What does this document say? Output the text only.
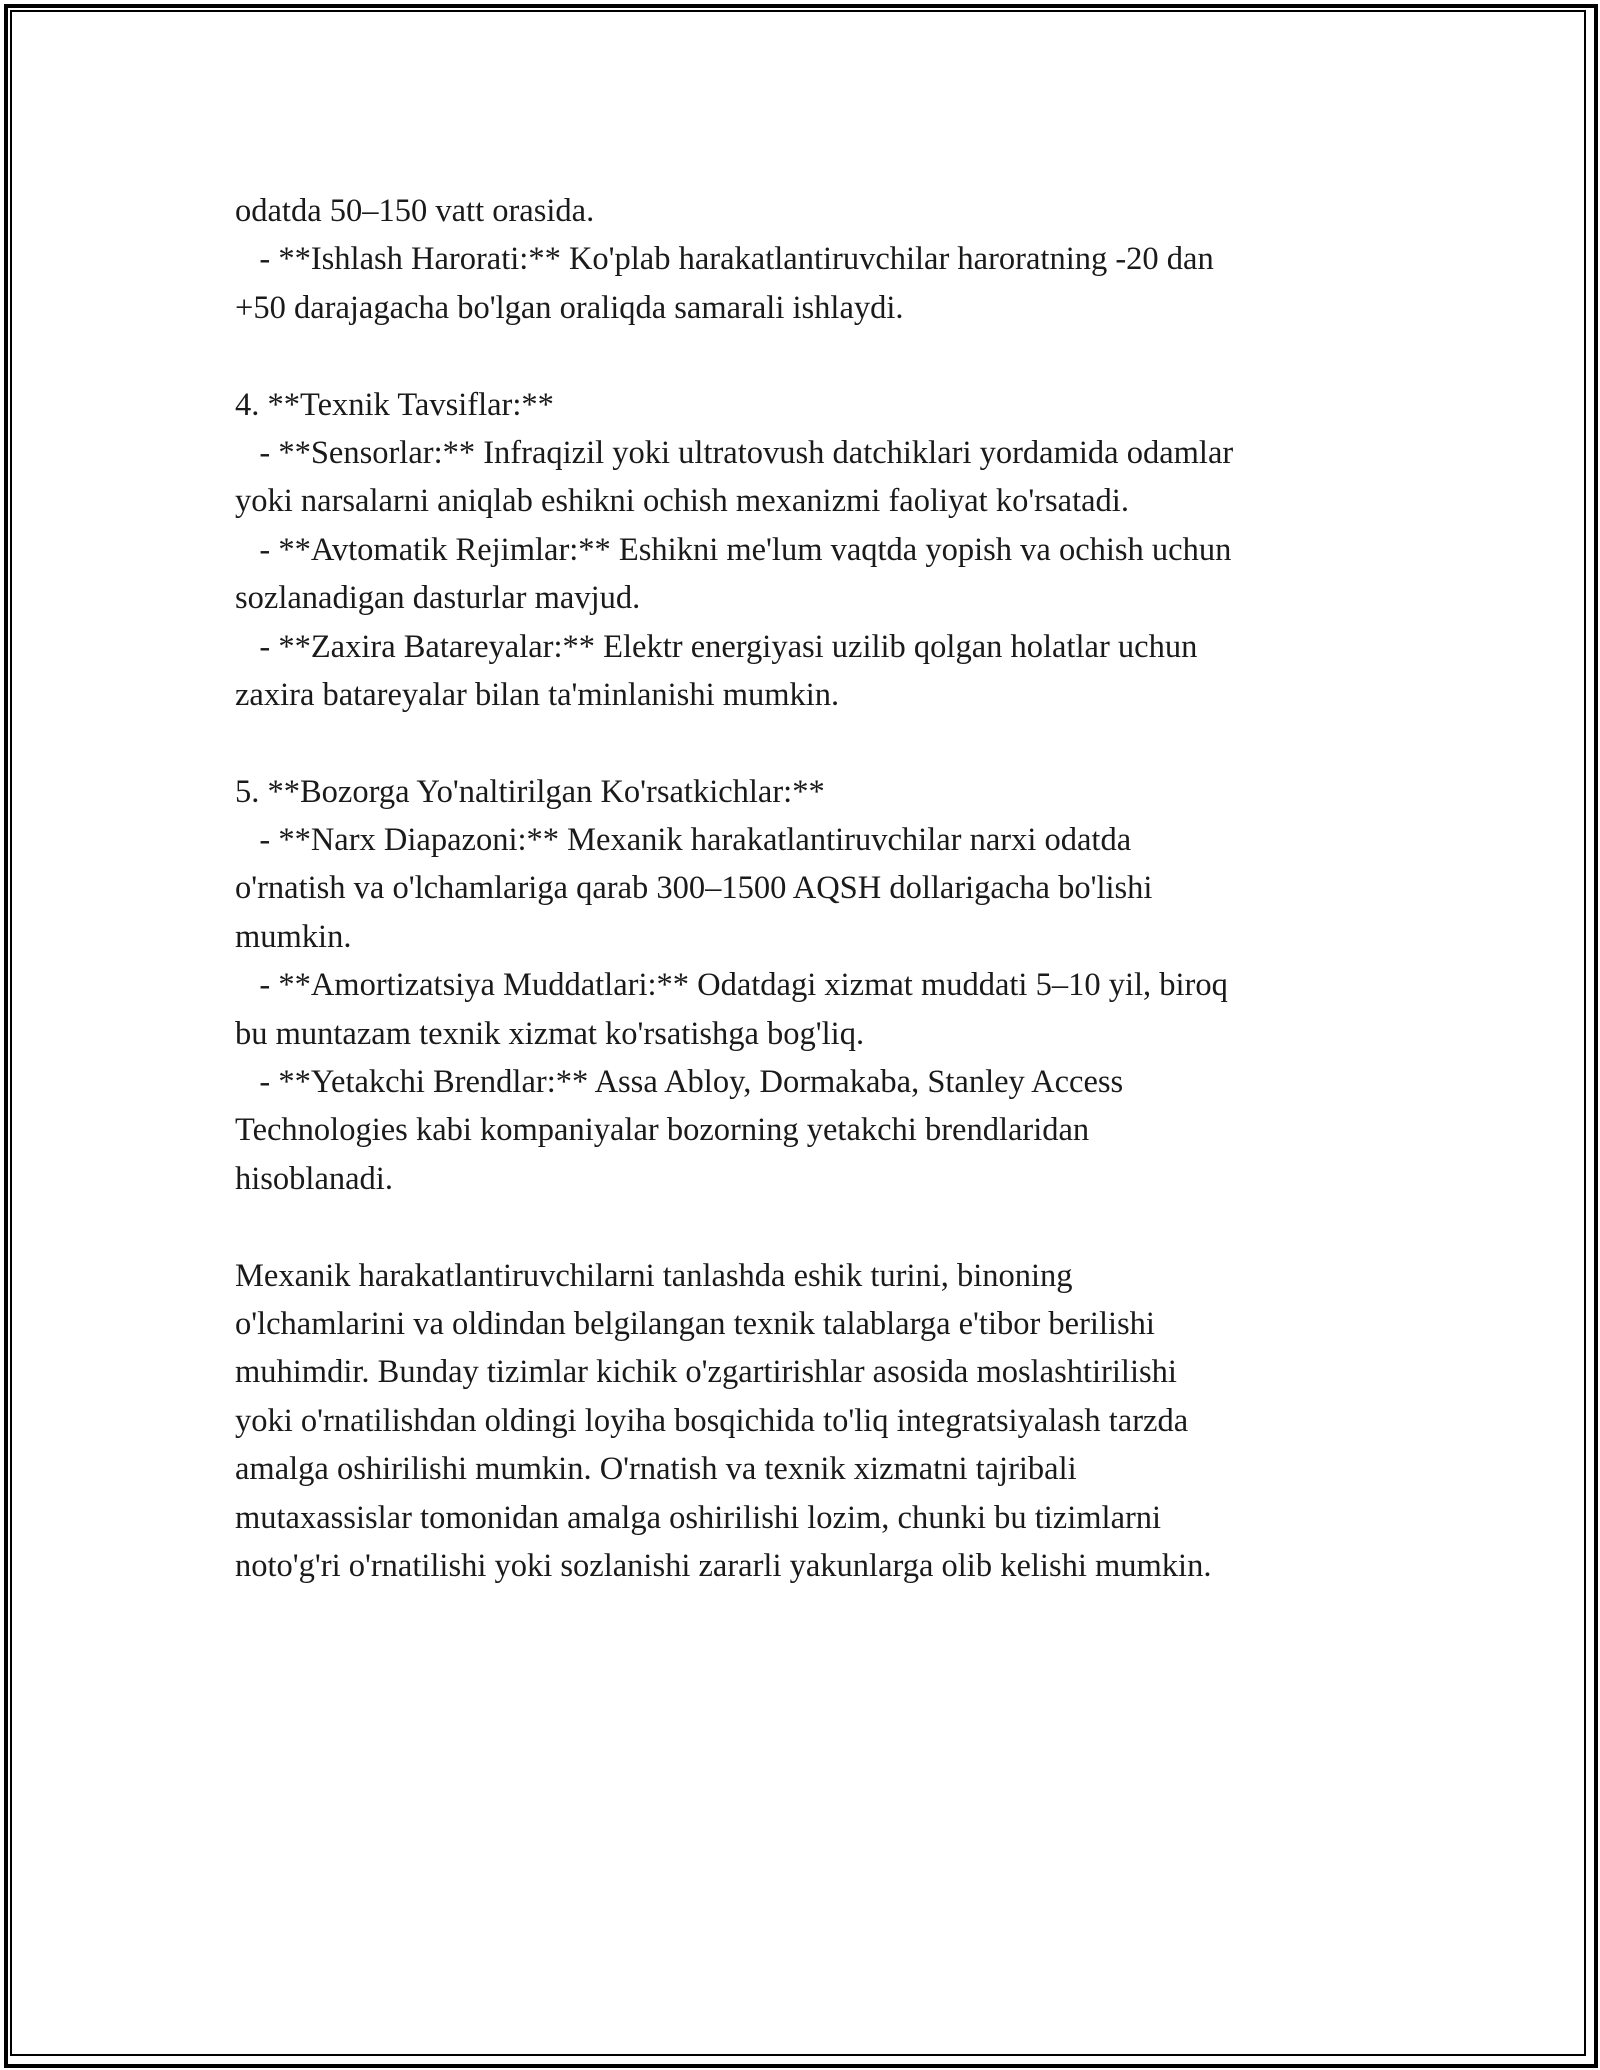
odatda 50–150 vatt orasida.
- **Ishlash Harorati:** Ko'plab harakatlantiruvchilar haroratning -20 dan
+50 darajagacha bo'lgan oraliqda samarali ishlaydi.
4. **Texnik Tavsiflar:**
- **Sensorlar:** Infraqizil yoki ultratovush datchiklari yordamida odamlar
yoki narsalarni aniqlab eshikni ochish mexanizmi faoliyat ko'rsatadi.
- **Avtomatik Rejimlar:** Eshikni me'lum vaqtda yopish va ochish uchun
sozlanadigan dasturlar mavjud.
- **Zaxira Batareyalar:** Elektr energiyasi uzilib qolgan holatlar uchun
zaxira batareyalar bilan ta'minlanishi mumkin.
5. **Bozorga Yo'naltirilgan Ko'rsatkichlar:**
- **Narx Diapazoni:** Mexanik harakatlantiruvchilar narxi odatda
o'rnatish va o'lchamlariga qarab 300–1500 AQSH dollarigacha bo'lishi
mumkin.
- **Amortizatsiya Muddatlari:** Odatdagi xizmat muddati 5–10 yil, biroq
bu muntazam texnik xizmat ko'rsatishga bog'liq.
- **Yetakchi Brendlar:** Assa Abloy, Dormakaba, Stanley Access
Technologies kabi kompaniyalar bozorning yetakchi brendlaridan
hisoblanadi.
Mexanik harakatlantiruvchilarni tanlashda eshik turini, binoning
o'lchamlarini va oldindan belgilangan texnik talablarga e'tibor berilishi
muhimdir. Bunday tizimlar kichik o'zgartirishlar asosida moslashtirilishi
yoki o'rnatilishdan oldingi loyiha bosqichida to'liq integratsiyalash tarzda
amalga oshirilishi mumkin. O'rnatish va texnik xizmatni tajribali
mutaxassislar tomonidan amalga oshirilishi lozim, chunki bu tizimlarni
noto'g'ri o'rnatilishi yoki sozlanishi zararli yakunlarga olib kelishi mumkin.
